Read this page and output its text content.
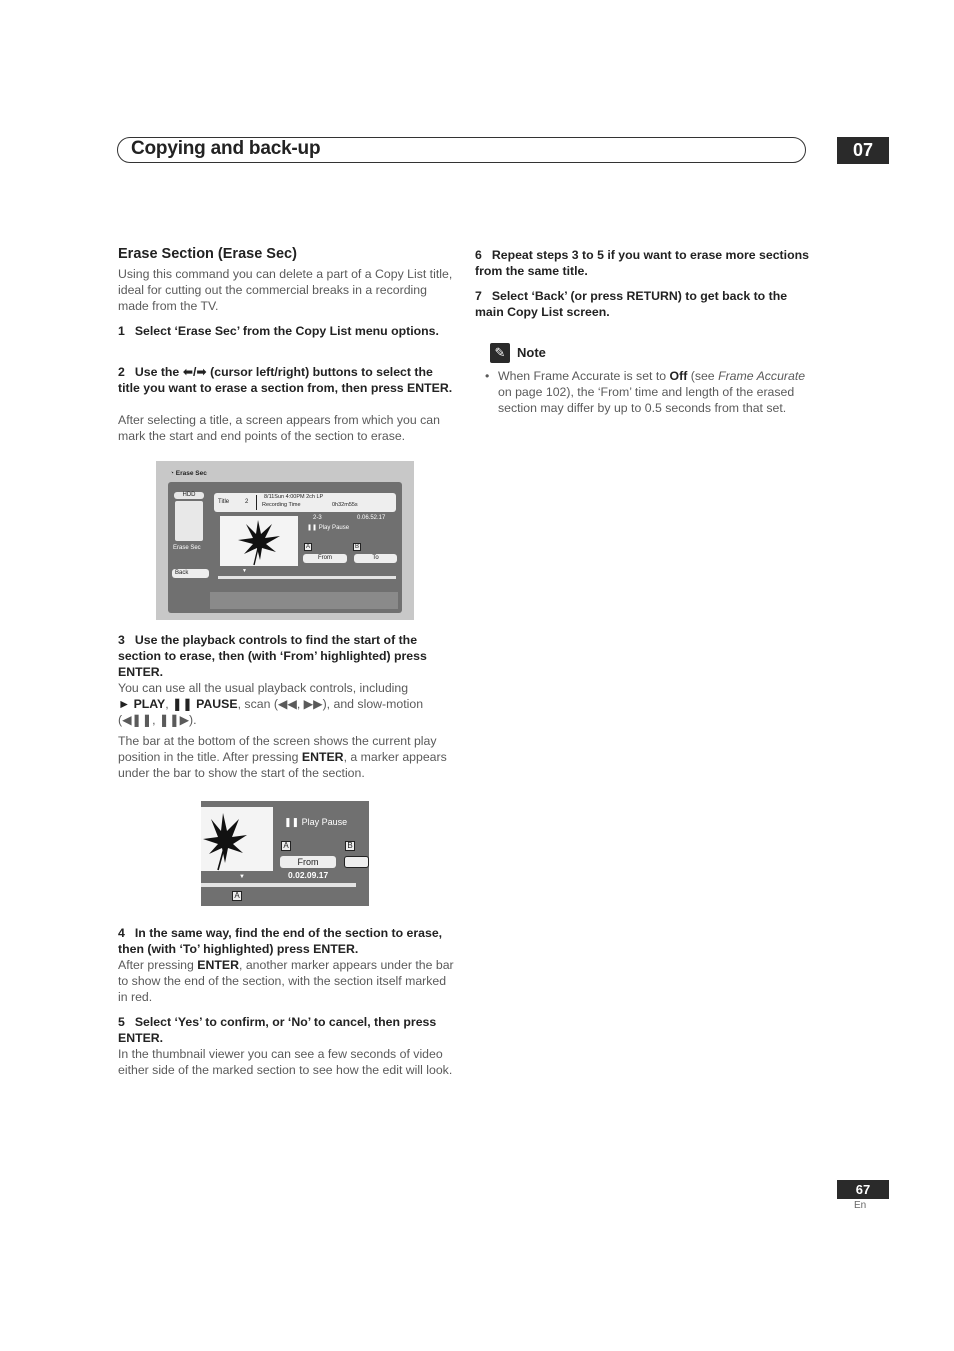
Copying and back-up	07
Erase Section (Erase Sec)
Using this command you can delete a part of a Copy List title, ideal for cutting out the commercial breaks in a recording made from the TV.
1 Select ‘Erase Sec’ from the Copy List menu options.
2 Use the ⬅/➡ (cursor left/right) buttons to select the title you want to erase a section from, then press ENTER.
After selecting a title, a screen appears from which you can mark the start and end points of the section to erase.
◔ Erase Sec
HDD
Erase Sec
Back	▼
Title	2
8/11Sun 4:00PM 2ch LP
Recording Time	0h32m55s
2-3	0.06.52.17
❚❚ Play Pause
A	B
From	To
3 Use the playback controls to find the start of the section to erase, then (with ‘From’ highlighted) press ENTER.
You can use all the usual playback controls, including
► PLAY, ❚❚ PAUSE, scan (◀◀, ▶▶), and slow-motion (◀❚❚, ❚❚▶).
The bar at the bottom of the screen shows the current play position in the title. After pressing ENTER, a marker appears under the bar to show the start of the section.
❚❚ Play Pause
A	B
From
0.02.09.17
▼
A
4 In the same way, find the end of the section to erase, then (with ‘To’ highlighted) press ENTER.
After pressing ENTER, another marker appears under the bar to show the end of the section, with the section itself marked in red.
5 Select ‘Yes’ to confirm, or ‘No’ to cancel, then press ENTER.
In the thumbnail viewer you can see a few seconds of video either side of the marked section to see how the edit will look.
6 Repeat steps 3 to 5 if you want to erase more sections from the same title.
7 Select ‘Back’ (or press RETURN) to get back to the main Copy List screen.
✎ Note
• When Frame Accurate is set to Off (see Frame Accurate on page 102), the ‘From’ time and length of the erased section may differ by up to 0.5 seconds from that set.
67
En
